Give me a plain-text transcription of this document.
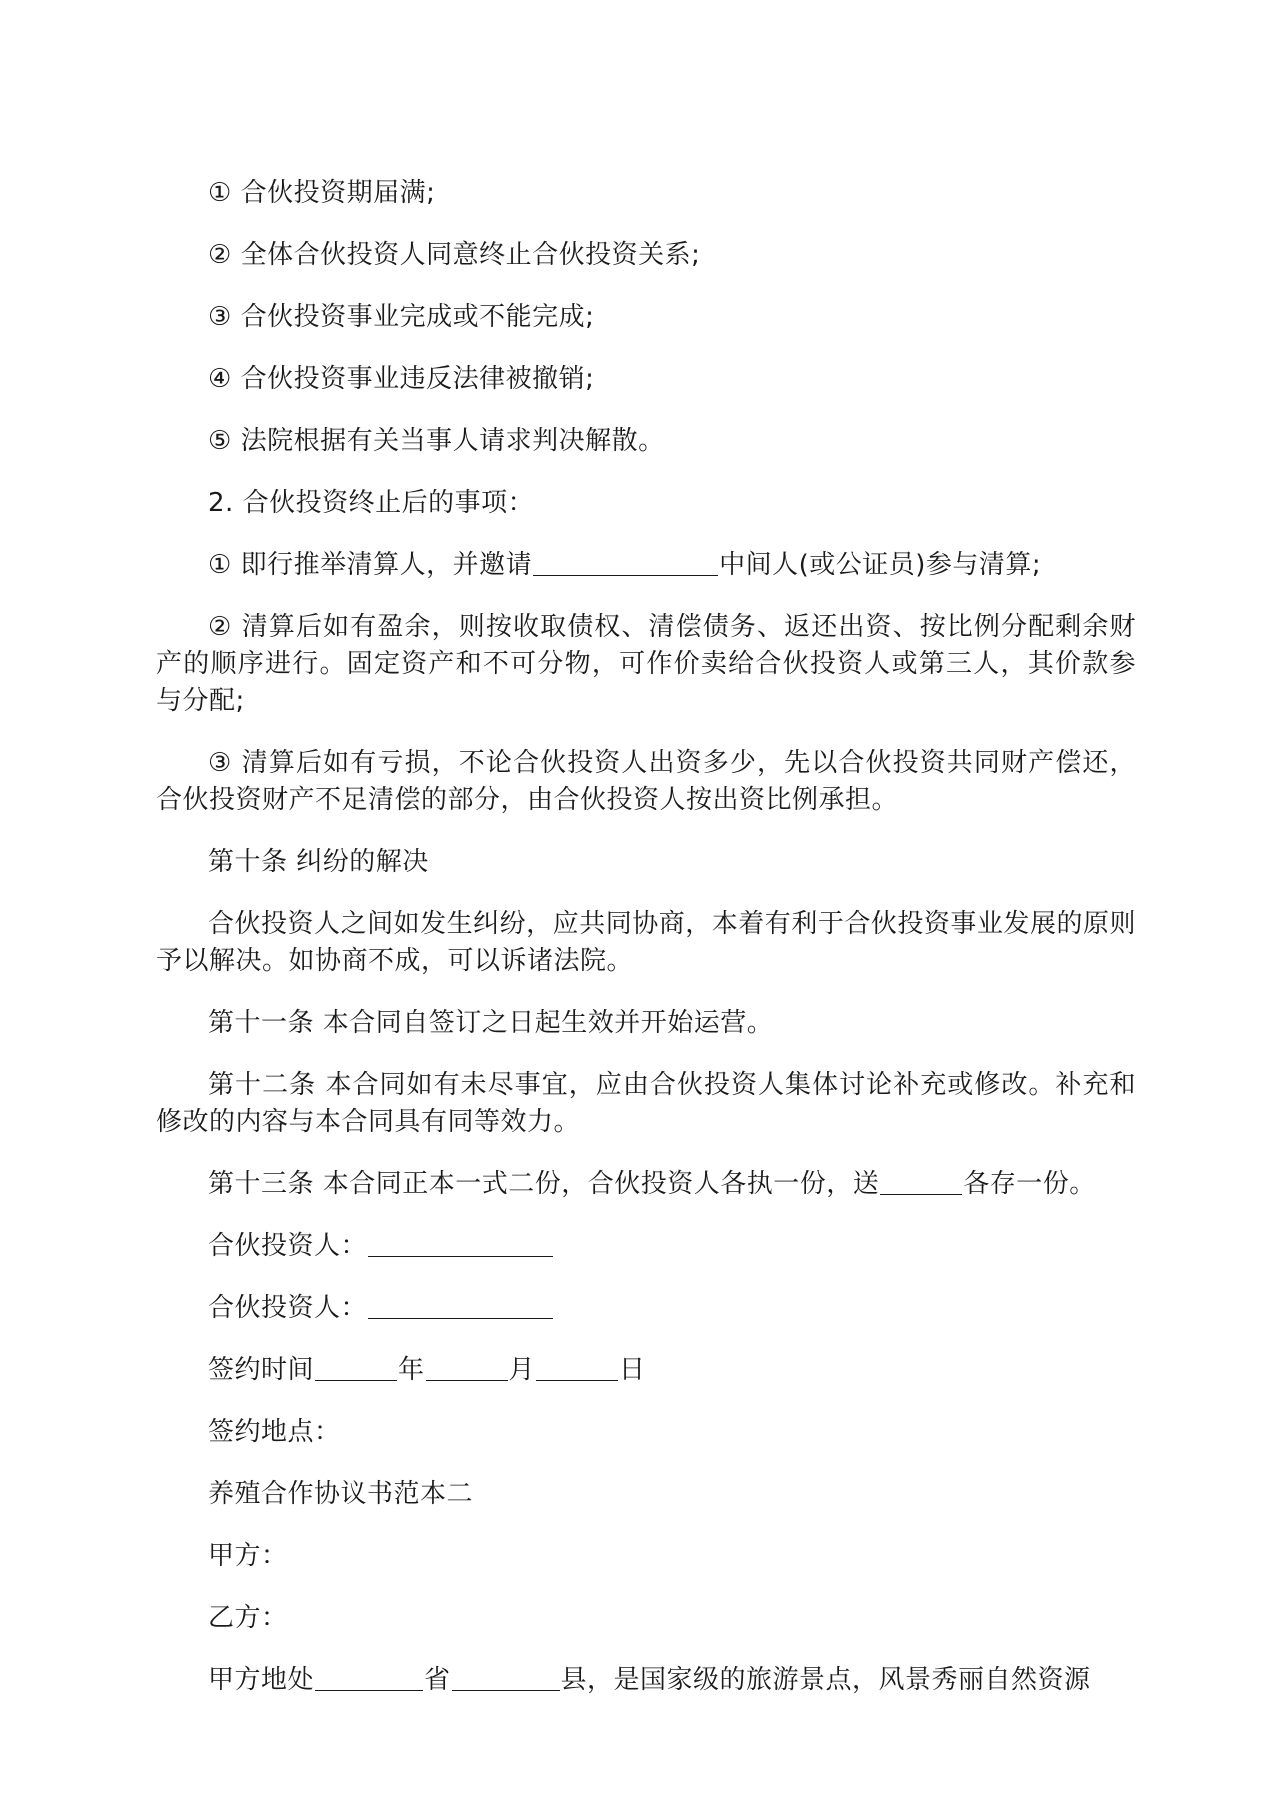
① 合伙投资期届满;

② 全体合伙投资人同意终止合伙投资关系;

③ 合伙投资事业完成或不能完成;

④ 合伙投资事业违反法律被撤销;

⑤ 法院根据有关当事人请求判决解散。

2. 合伙投资终止后的事项：

① 即行推举清算人，并邀请	中间人(或公证员)参与清算;

② 清算后如有盈余，则按收取债权、清偿债务、返还出资、按比例分配剩余财产的顺序进行。固定资产和不可分物，可作价卖给合伙投资人或第三人，其价款参与分配;

③ 清算后如有亏损，不论合伙投资人出资多少，先以合伙投资共同财产偿还，合伙投资财产不足清偿的部分，由合伙投资人按出资比例承担。

第十条 纠纷的解决

合伙投资人之间如发生纠纷，应共同协商，本着有利于合伙投资事业发展的原则予以解决。如协商不成，可以诉诸法院。

第十一条 本合同自签订之日起生效并开始运营。

第十二条 本合同如有未尽事宜，应由合伙投资人集体讨论补充或修改。补充和修改的内容与本合同具有同等效力。

第十三条 本合同正本一式二份，合伙投资人各执一份，送	各存一份。

合伙投资人：

合伙投资人：

签约时间	年	月	日

签约地点：

养殖合作协议书范本二

甲方：

乙方：

甲方地处	省	县，是国家级的旅游景点，风景秀丽自然资源
